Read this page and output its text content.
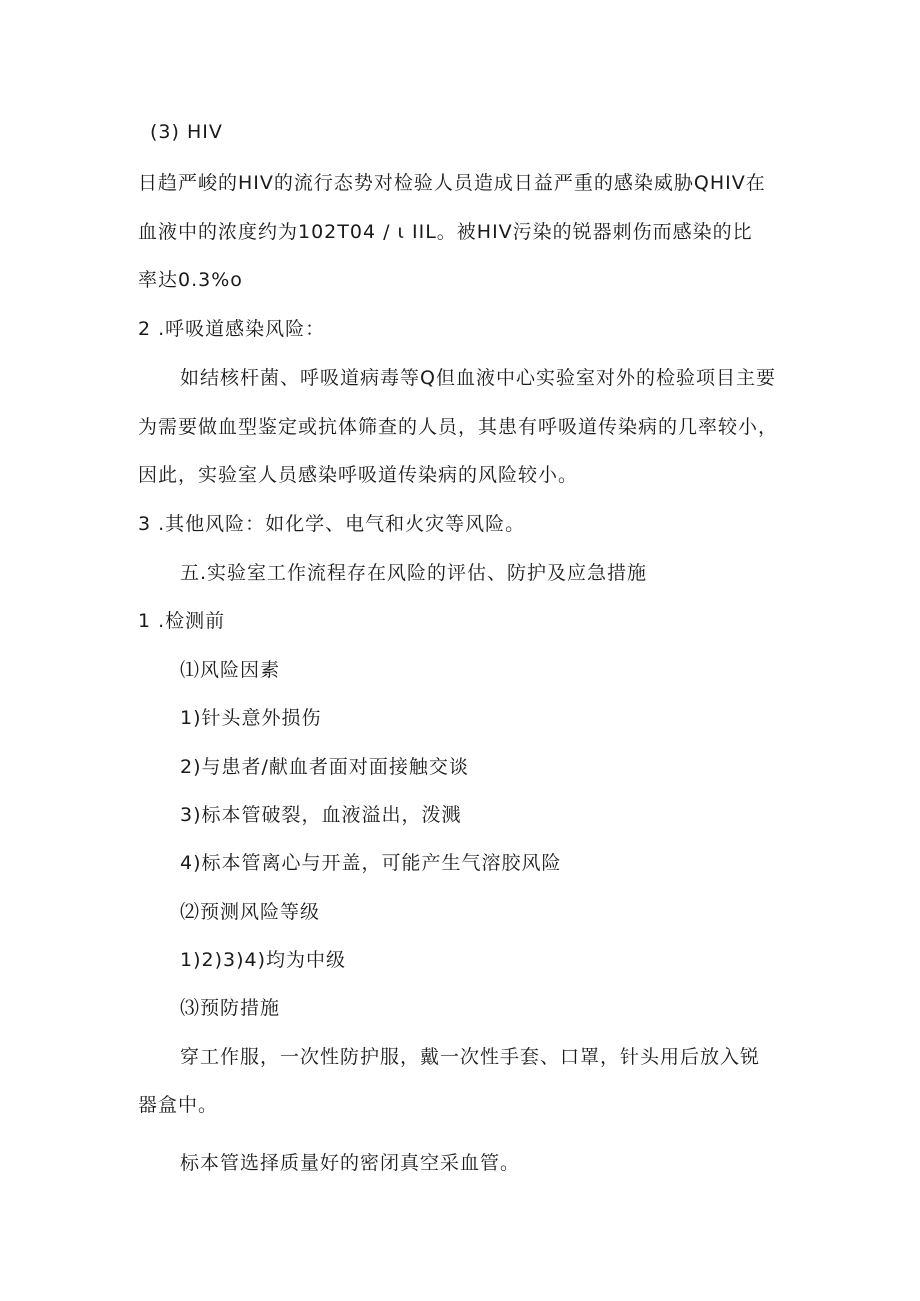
(3) HIV
日趋严峻的HIV的流行态势对检验人员造成日益严重的感染威胁QHIV在
血液中的浓度约为102T04 / ι IIL。被HIV污染的锐器刺伤而感染的比
率达0.3%o
2 .呼吸道感染风险：
如结核杆菌、呼吸道病毒等Q但血液中心实验室对外的检验项目主要
为需要做血型鉴定或抗体筛查的人员，其患有呼吸道传染病的几率较小，
因此，实验室人员感染呼吸道传染病的风险较小。
3 .其他风险：如化学、电气和火灾等风险。
五.实验室工作流程存在风险的评估、防护及应急措施
1 .检测前
⑴风险因素
1)针头意外损伤
2)与患者/献血者面对面接触交谈
3)标本管破裂，血液溢出，泼溅
4)标本管离心与开盖，可能产生气溶胶风险
⑵预测风险等级
1)2)3)4)均为中级
⑶预防措施
穿工作服，一次性防护服，戴一次性手套、口罩，针头用后放入锐
器盒中。
标本管选择质量好的密闭真空采血管。
